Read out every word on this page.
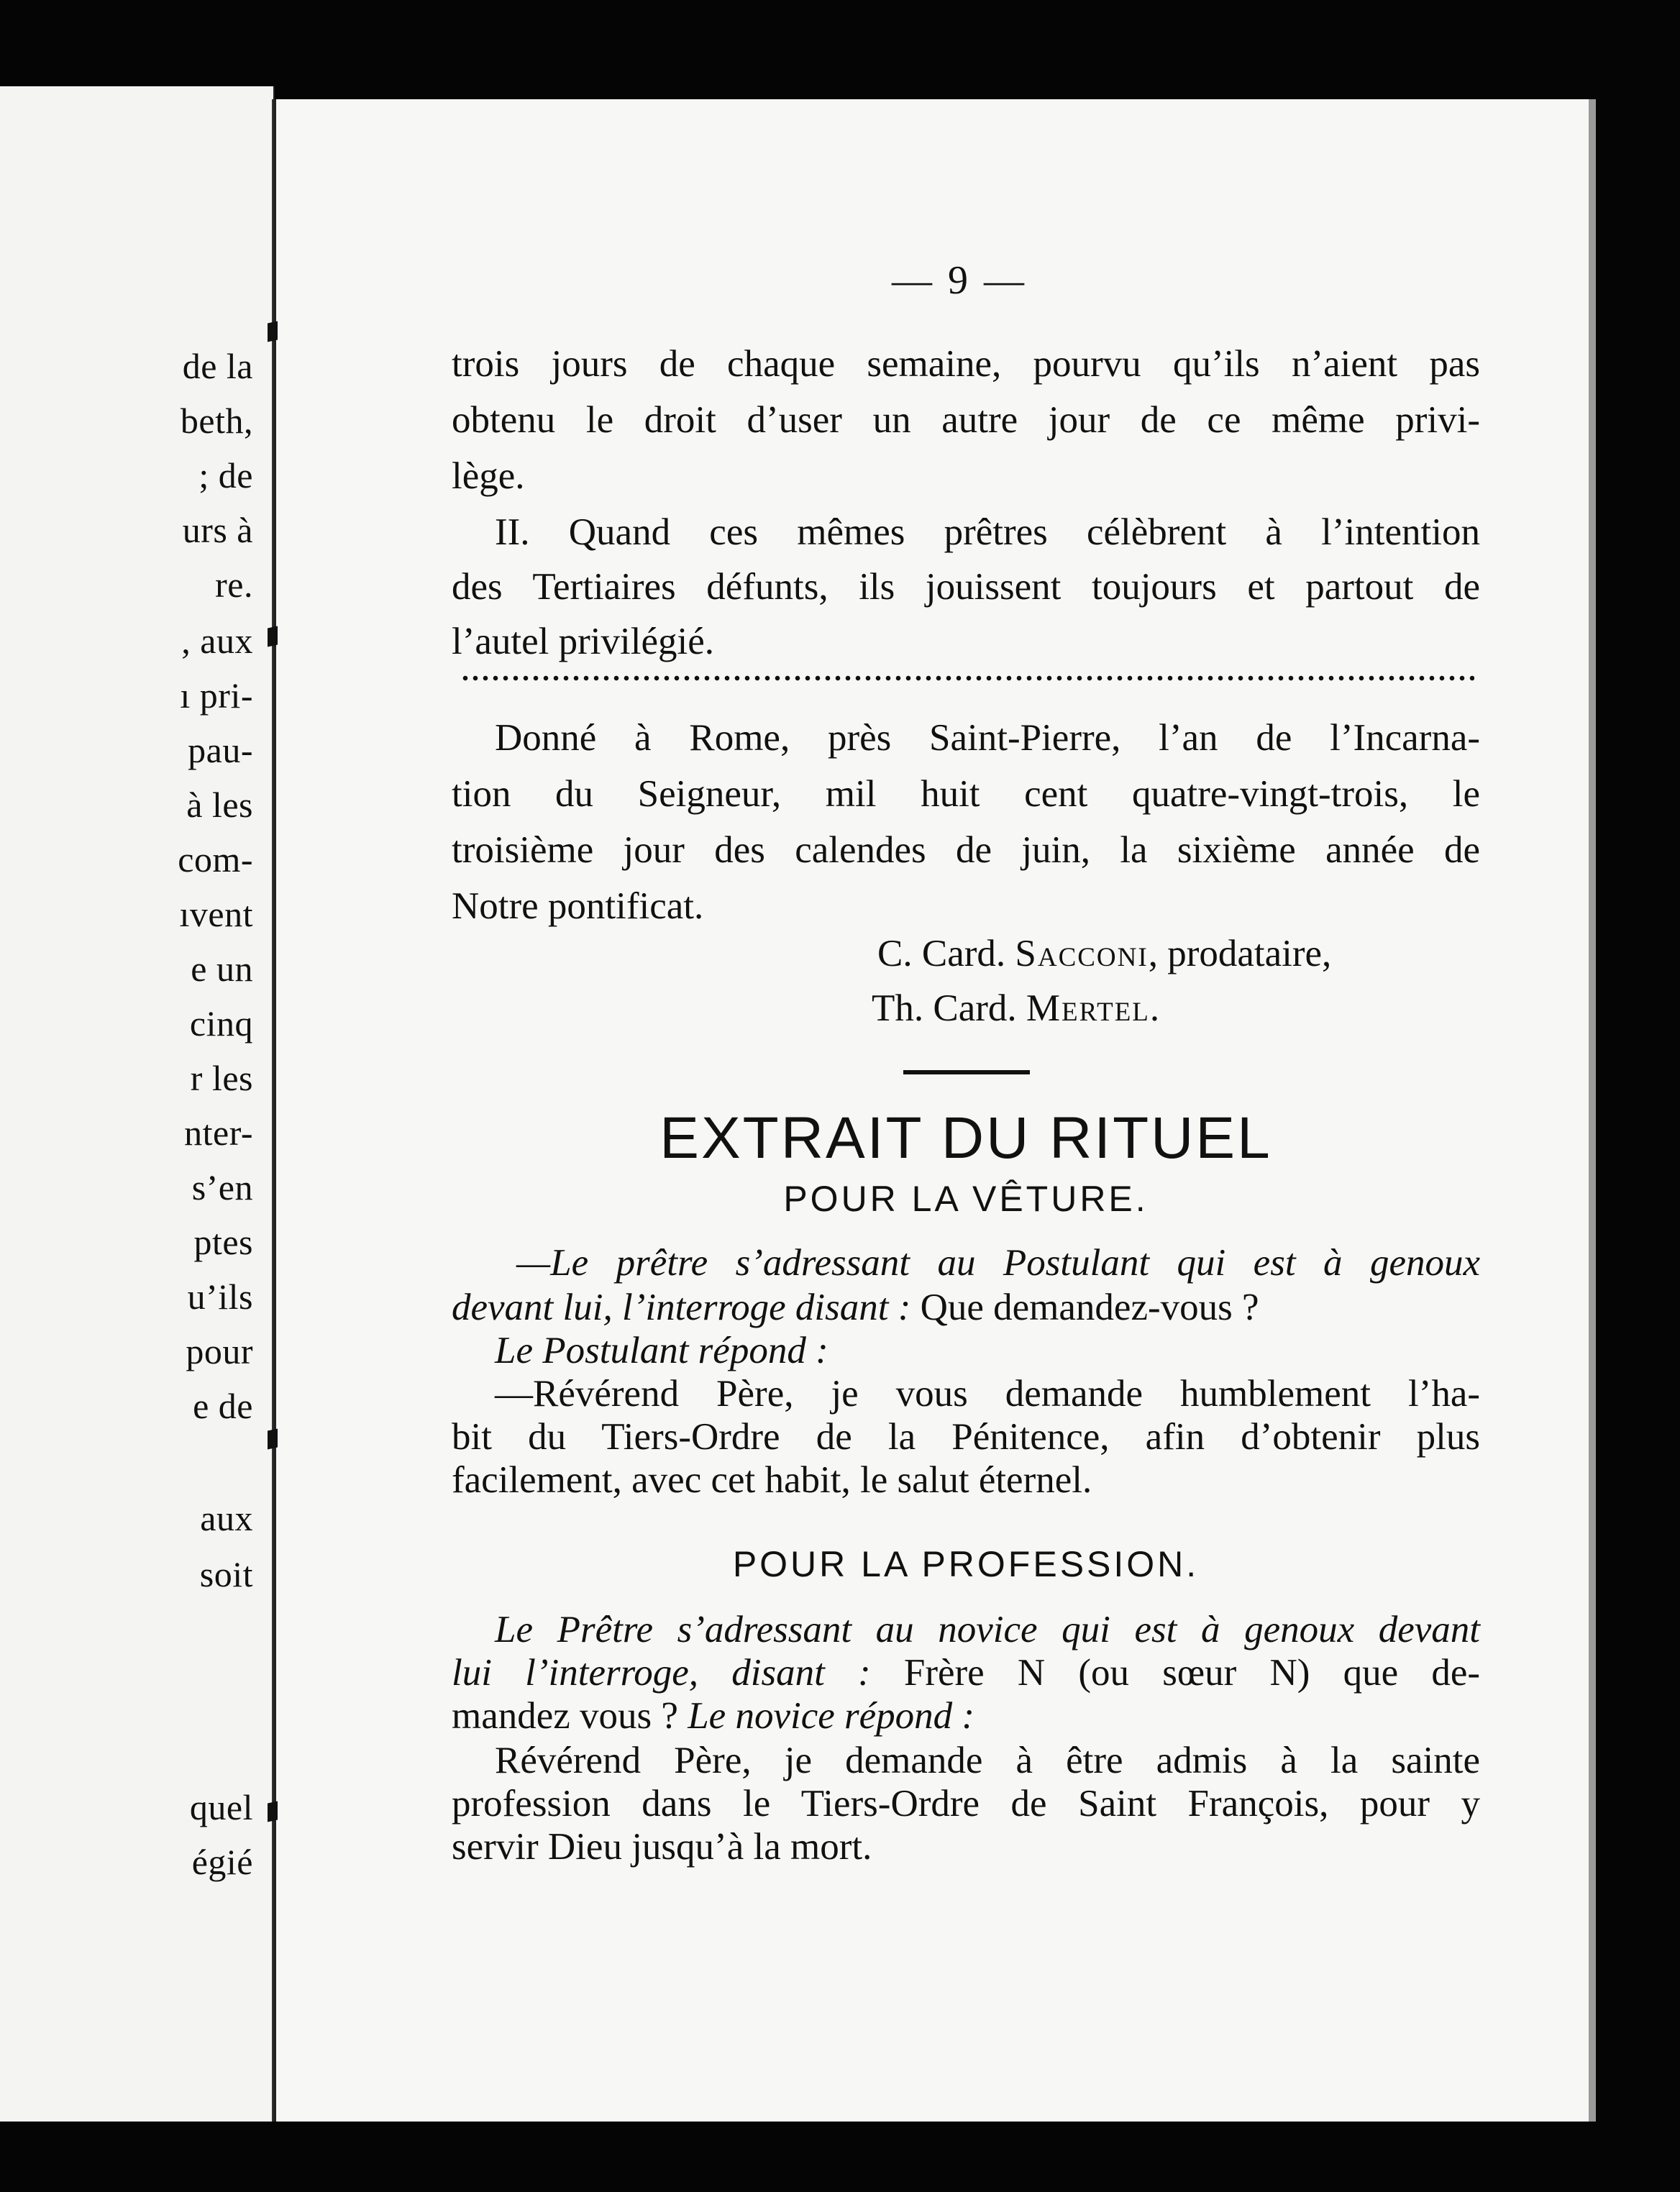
de la
beth,
; de
urs à
re.
, aux
ı pri-
pau-
à les
com-
ıvent
e un
cinq
r les
nter-
s’en
ptes
u’ils
pour
e de
aux
soit
quel
égié
— 9 —
trois jours de chaque semaine, pourvu qu’ils n’aient pas
obtenu le droit d’user un autre jour de ce même privi-
lège.
II. Quand ces mêmes prêtres célèbrent à l’intention
des Tertiaires défunts, ils jouissent toujours et partout de
l’autel privilégié.
Donné à Rome, près Saint-Pierre, l’an de l’Incarna-
tion du Seigneur, mil huit cent quatre-vingt-trois, le
troisième jour des calendes de juin, la sixième année de
Notre pontificat.
C. Card. Sacconi, prodataire,
Th. Card. Mertel.
EXTRAIT DU RITUEL
POUR LA VÊTURE.
—Le prêtre s’adressant au Postulant qui est à genoux
devant lui, l’interroge disant : Que demandez-vous ?
Le Postulant répond :
—Révérend Père, je vous demande humblement l’ha-
bit du Tiers-Ordre de la Pénitence, afin d’obtenir plus
facilement, avec cet habit, le salut éternel.
POUR LA PROFESSION.
Le Prêtre s’adressant au novice qui est à genoux devant
lui l’interroge, disant : Frère N (ou sœur N) que de-
mandez vous ? Le novice répond :
Révérend Père, je demande à être admis à la sainte
profession dans le Tiers-Ordre de Saint François, pour y
servir Dieu jusqu’à la mort.
